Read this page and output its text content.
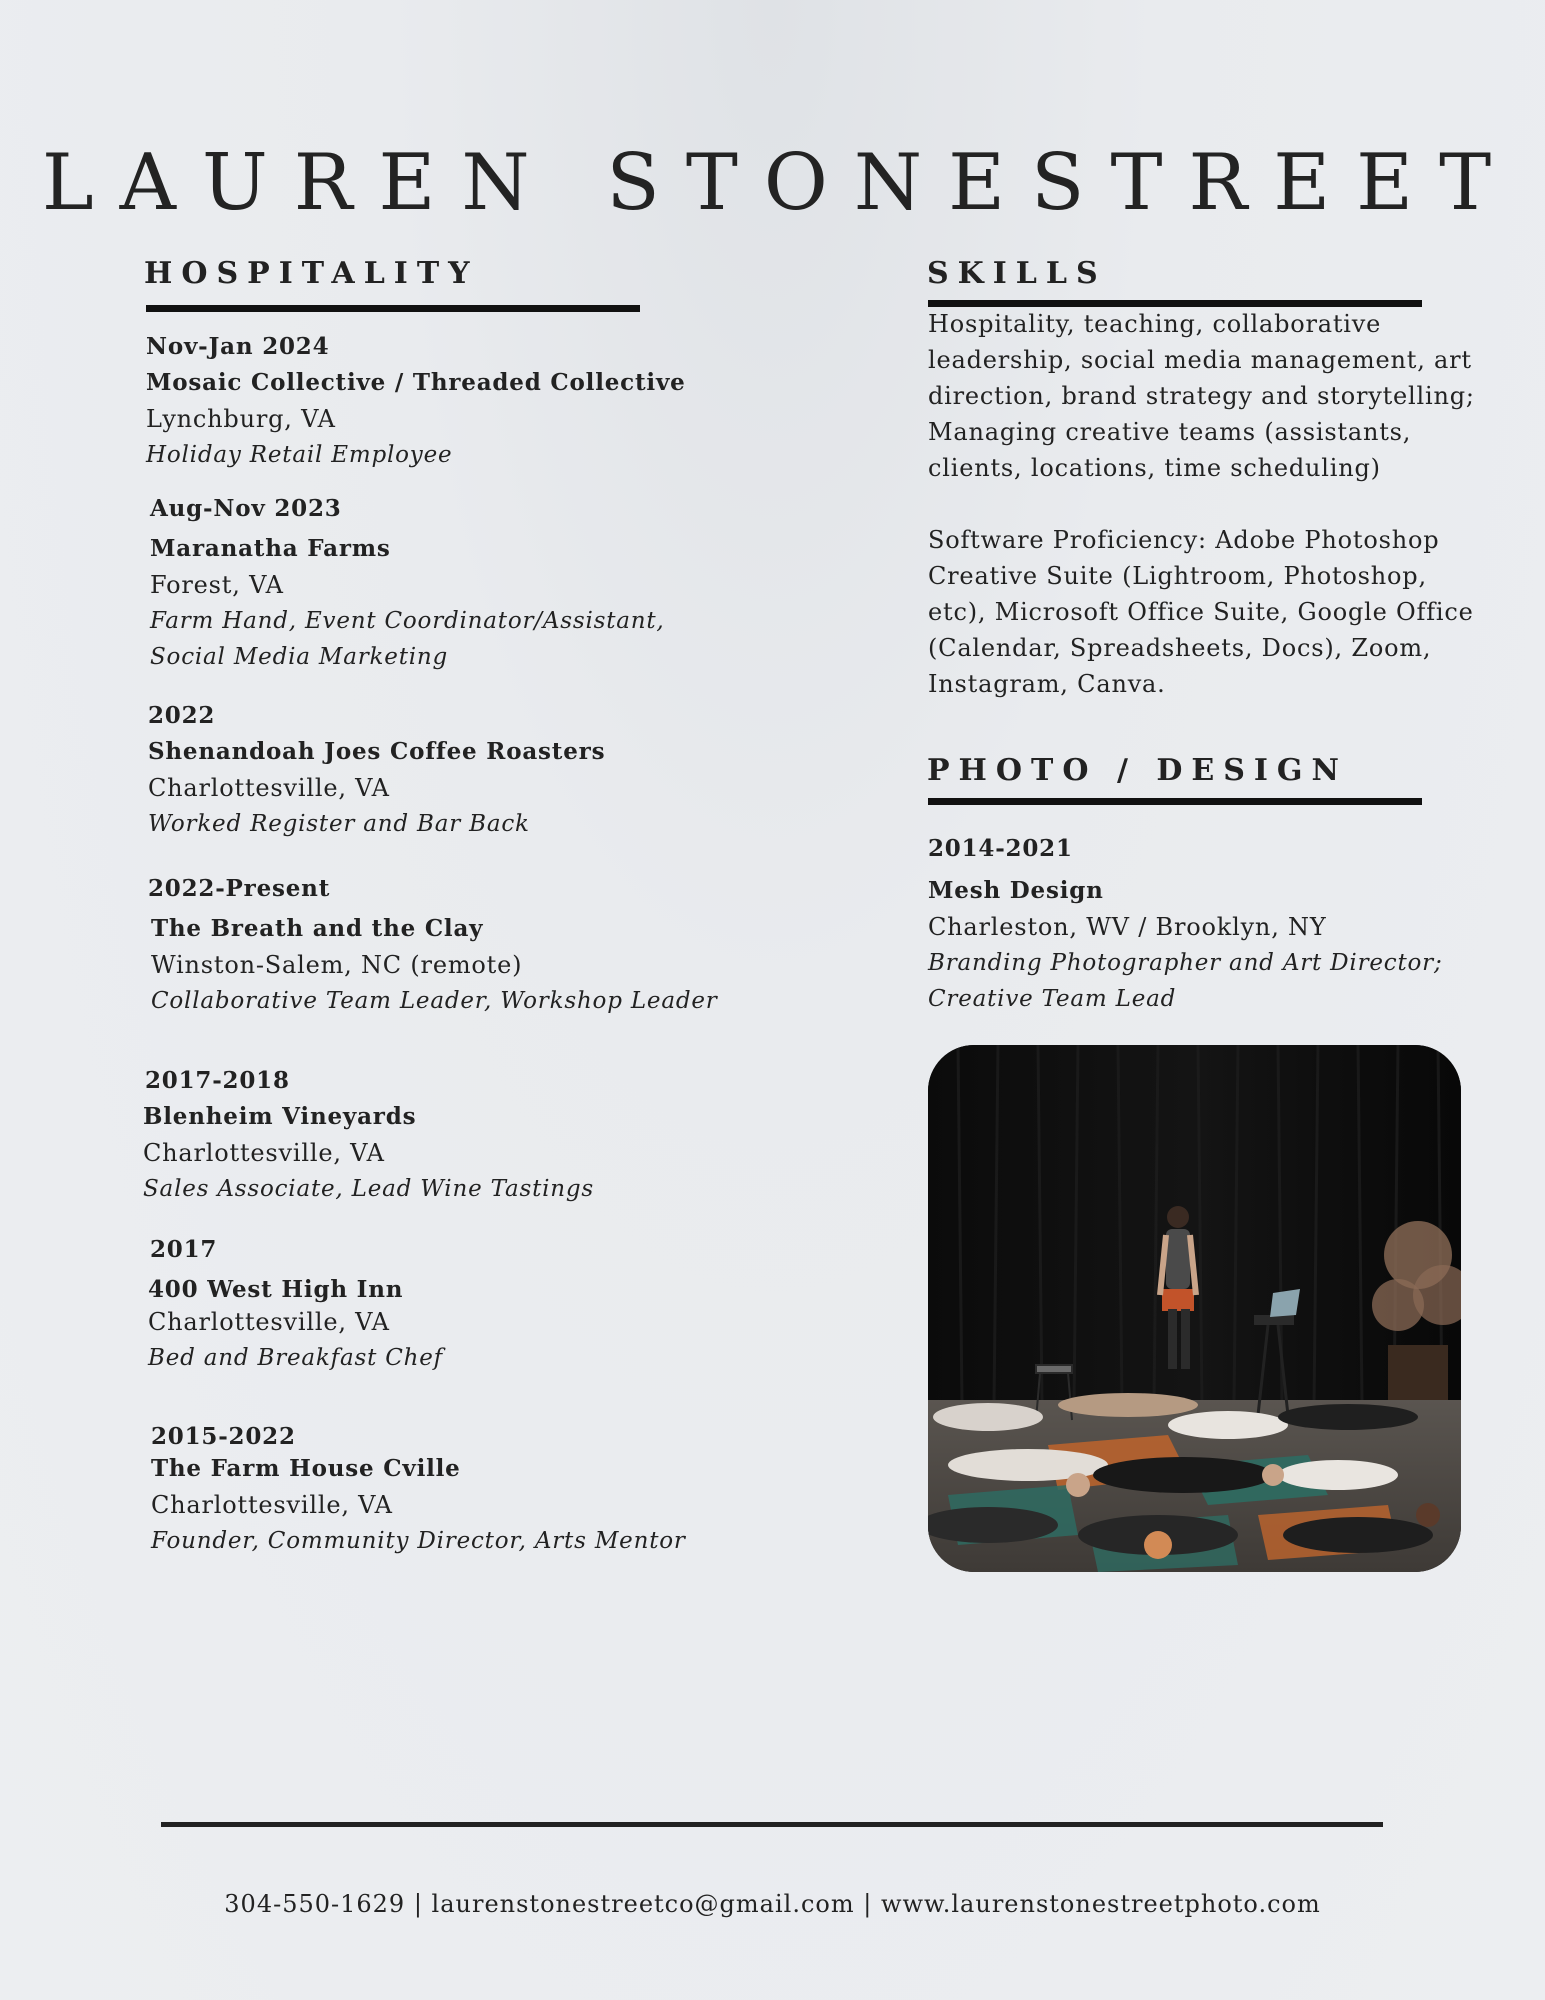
LAUREN STONESTREET
HOSPITALITY
Nov-Jan 2024
Mosaic Collective / Threaded Collective
Lynchburg, VA
Holiday Retail Employee
Aug-Nov 2023
Maranatha Farms
Forest, VA
Farm Hand, Event Coordinator/Assistant,
Social Media Marketing
2022
Shenandoah Joes Coffee Roasters
Charlottesville, VA
Worked Register and Bar Back
2022-Present
The Breath and the Clay
Winston-Salem, NC (remote)
Collaborative Team Leader, Workshop Leader
2017-2018
Blenheim Vineyards
Charlottesville, VA
Sales Associate, Lead Wine Tastings
2017
400 West High Inn
Charlottesville, VA
Bed and Breakfast Chef
2015-2022
The Farm House Cville
Charlottesville, VA
Founder, Community Director, Arts Mentor
SKILLS
Hospitality, teaching, collaborative
leadership, social media management, art
direction, brand strategy and storytelling;
Managing creative teams (assistants,
clients, locations, time scheduling)
Software Proficiency: Adobe Photoshop
Creative Suite (Lightroom, Photoshop,
etc), Microsoft Office Suite, Google Office
(Calendar, Spreadsheets, Docs), Zoom,
Instagram, Canva.
PHOTO / DESIGN
2014-2021
Mesh Design
Charleston, WV / Brooklyn, NY
Branding Photographer and Art Director;
Creative Team Lead
304-550-1629 | laurenstonestreetco@gmail.com | www.laurenstonestreetphoto.com
